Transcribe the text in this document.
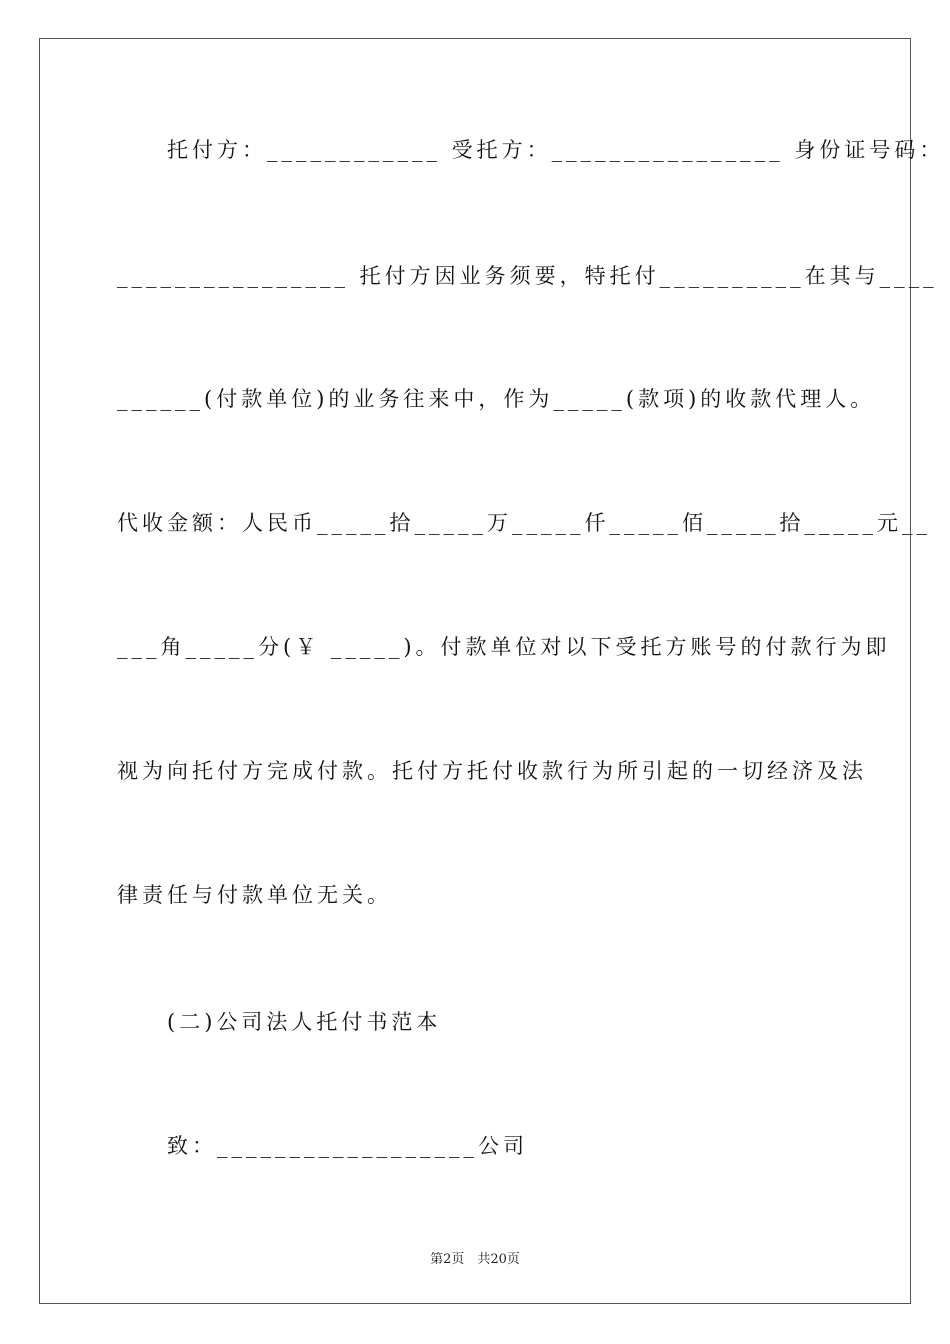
　　托付方：____________ 受托方：________________ 身份证号码：
________________ 托付方因业务须要，特托付__________在其与____
______(付款单位)的业务往来中，作为_____(款项)的收款代理人。
代收金额：人民币_____拾_____万_____仟_____佰_____拾_____元__
___角_____分(￥ _____)。付款单位对以下受托方账号的付款行为即
视为向托付方完成付款。托付方托付收款行为所引起的一切经济及法
律责任与付款单位无关。
　　(二)公司法人托付书范本
　　致：__________________公司
第2页　共20页
